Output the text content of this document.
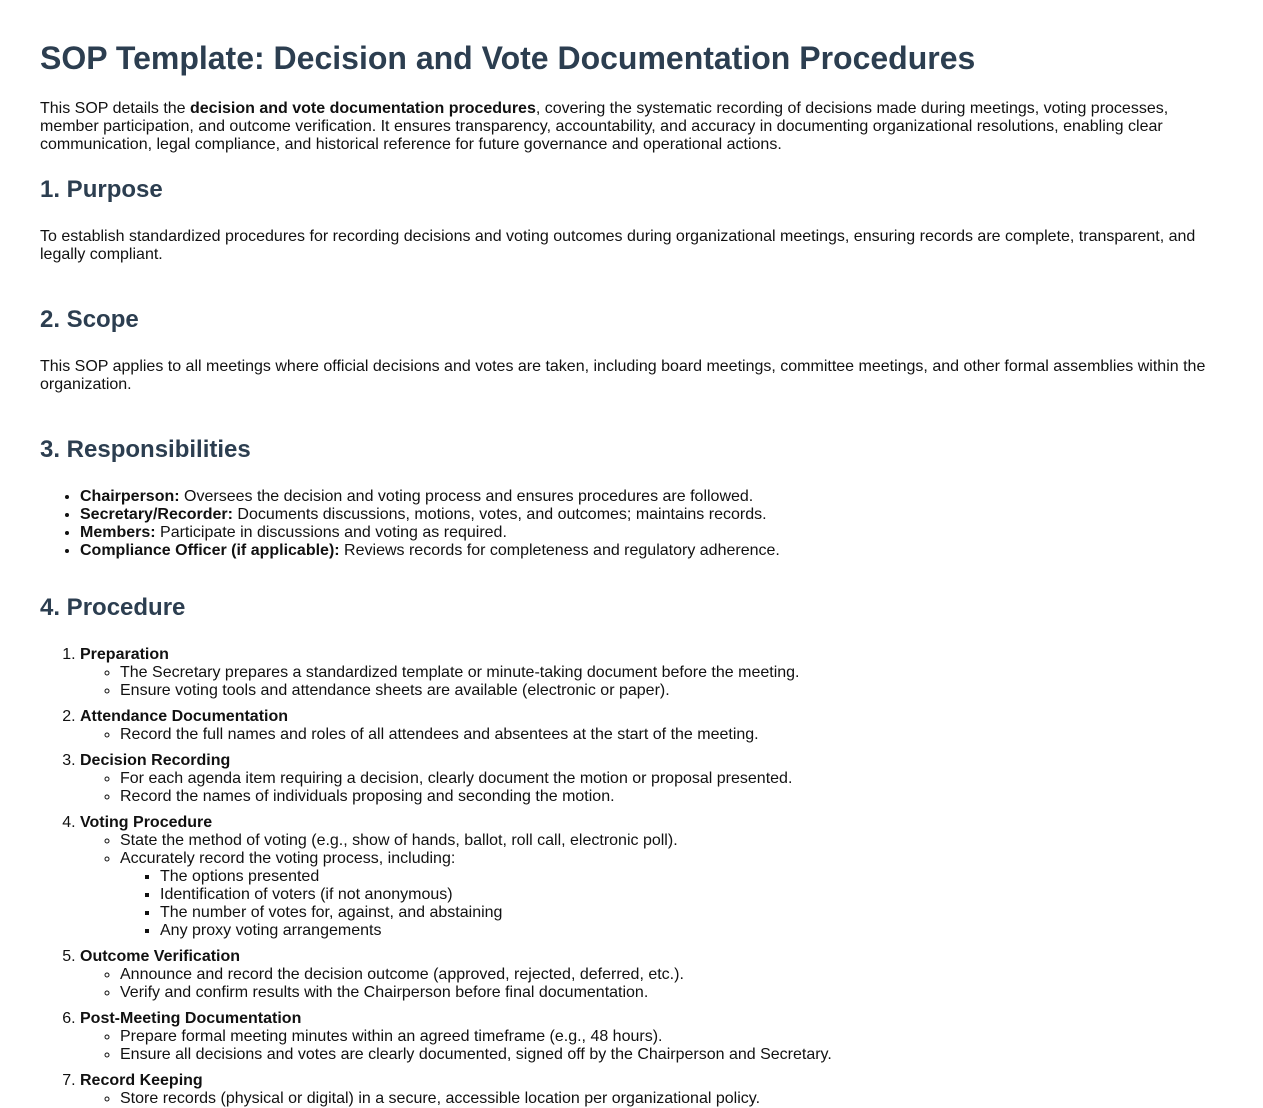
SOP Template: Decision and Vote Documentation Procedures

This SOP details the decision and vote documentation procedures, covering the systematic recording of decisions made during meetings, voting processes, member participation, and outcome verification. It ensures transparency, accountability, and accuracy in documenting organizational resolutions, enabling clear communication, legal compliance, and historical reference for future governance and operational actions.

1. Purpose

To establish standardized procedures for recording decisions and voting outcomes during organizational meetings, ensuring records are complete, transparent, and legally compliant.

2. Scope

This SOP applies to all meetings where official decisions and votes are taken, including board meetings, committee meetings, and other formal assemblies within the organization.

3. Responsibilities
• Chairperson: Oversees the decision and voting process and ensures procedures are followed.
• Secretary/Recorder: Documents discussions, motions, votes, and outcomes; maintains records.
• Members: Participate in discussions and voting as required.
• Compliance Officer (if applicable): Reviews records for completeness and regulatory adherence.
4. Procedure
1. Preparation
◦ The Secretary prepares a standardized template or minute-taking document before the meeting.
◦ Ensure voting tools and attendance sheets are available (electronic or paper).
2. Attendance Documentation
◦ Record the full names and roles of all attendees and absentees at the start of the meeting.
3. Decision Recording
◦ For each agenda item requiring a decision, clearly document the motion or proposal presented.
◦ Record the names of individuals proposing and seconding the motion.
4. Voting Procedure
◦ State the method of voting (e.g., show of hands, ballot, roll call, electronic poll).
◦ Accurately record the voting process, including:
▪ The options presented
▪ Identification of voters (if not anonymous)
▪ The number of votes for, against, and abstaining
▪ Any proxy voting arrangements
5. Outcome Verification
◦ Announce and record the decision outcome (approved, rejected, deferred, etc.).
◦ Verify and confirm results with the Chairperson before final documentation.
6. Post-Meeting Documentation
◦ Prepare formal meeting minutes within an agreed timeframe (e.g., 48 hours).
◦ Ensure all decisions and votes are clearly documented, signed off by the Chairperson and Secretary.
7. Record Keeping
◦ Store records (physical or digital) in a secure, accessible location per organizational policy.
